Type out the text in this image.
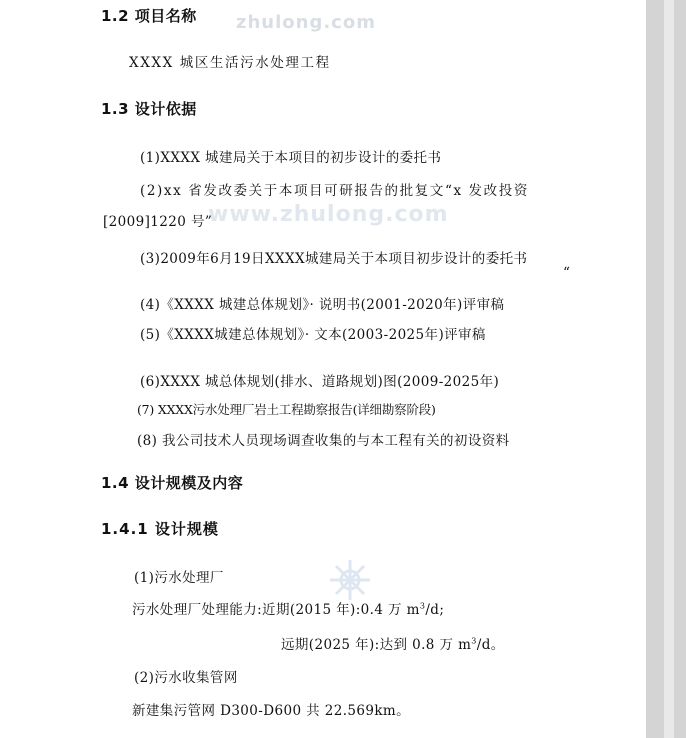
zhulong.com
www.zhulong.com
1.2 项目名称
XXXX 城区生活污水处理工程
1.3 设计依据
(1)XXXX 城建局关于本项目的初步设计的委托书
(2)xx 省发改委关于本项目可研报告的批复文“x 发改投资
[2009]1220 号”
(3)2009年6月19日XXXX城建局关于本项目初步设计的委托书
“
(4)《XXXX 城建总体规划》· 说明书(2001-2020年)评审稿
(5)《XXXX城建总体规划》· 文本(2003-2025年)评审稿
(6)XXXX 城总体规划(排水、道路规划)图(2009-2025年)
(7) XXXX污水处理厂岩土工程勘察报告(详细勘察阶段)
(8) 我公司技术人员现场调查收集的与本工程有关的初设资料
1.4 设计规模及内容
1.4.1 设计规模
(1)污水处理厂
污水处理厂处理能力:近期(2015 年):0.4 万 $m^3/d$;
远期(2025 年):达到 0.8 万 $m^3/d$。
(2)污水收集管网
新建集污管网 D300-D600 共 22.569km。
